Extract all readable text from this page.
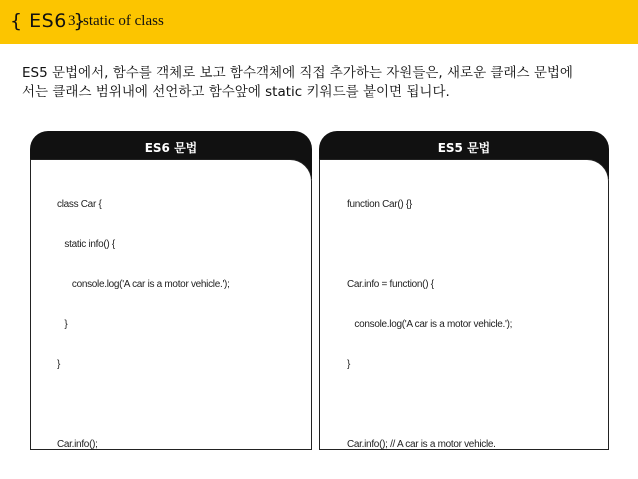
{ ES6 }
3. static of class
ES5 문법에서, 함수를 객체로 보고 함수객체에 직접 추가하는 자원들은, 새로운 클래스 문법에
서는 클래스 범위내에 선언하고 함수앞에 static 키워드를 붙이면 됩니다.
ES6 문법

class Car {

static info() {

console.log('A car is a motor vehicle.');

}

}

Car.info();

ES5 문법

function Car() {}

Car.info = function() {

console.log('A car is a motor vehicle.');

}

Car.info(); // A car is a motor vehicle.
